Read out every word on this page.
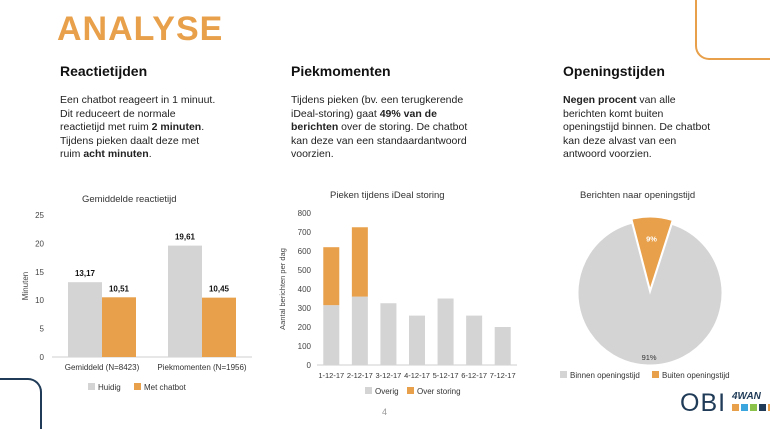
ANALYSE
Reactietijden	Piekmomenten	Openingstijden
Een chatbot reageert in 1 minuut. Dit reduceert de normale reactietijd met ruim 2 minuten. Tijdens pieken daalt deze met ruim acht minuten.
Tijdens pieken (bv. een terugkerende iDeal-storing) gaat 49% van de berichten over de storing. De chatbot kan deze van een standaardantwoord voorzien.
Negen procent van alle berichten komt buiten openingstijd binnen. De chatbot kan deze alvast van een antwoord voorzien.
Gemiddelde reactietijd	Pieken tijdens iDeal storing	Berichten naar openingstijd
0
5
10
15
20
25
Minuten	13,17
10,51
Gemiddeld (N=8423)
19,61
10,45
Piekmomenten (N=1956)
Huidig	Met chatbot
0
100
200
300
400
500
600
700
800
Aantal berichten per dag
1-12-17 2-12-17 3-12-17 4-12-17 5-12-17 6-12-17 7-12-17
Overig Over storing
9%
91%
Binnen openingstijd	Buiten openingstijd
4	OBI 4WAN
